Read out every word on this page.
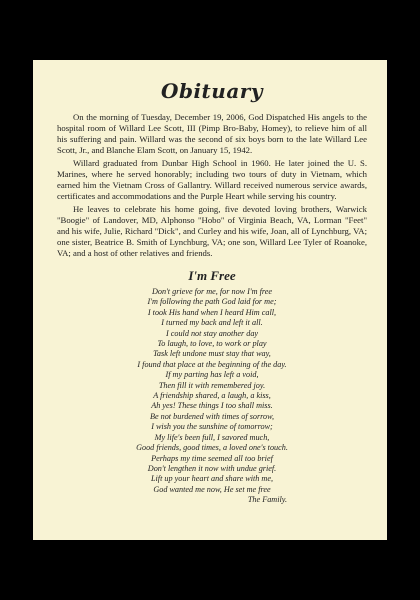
Obituary

On the morning of Tuesday, December 19, 2006, God Dispatched His angels to the hospital room of Willard Lee Scott, III (Pimp Bro-Baby, Homey), to relieve him of all his suffering and pain. Willard was the second of six boys born to the late Willard Lee Scott, Jr., and Blanche Elam Scott, on January 15, 1942.

Willard graduated from Dunbar High School in 1960. He later joined the U. S. Marines, where he served honorably; including two tours of duty in Vietnam, which earned him the Vietnam Cross of Gallantry. Willard received numerous service awards, certificates and accommodations and the Purple Heart while serving his country.

He leaves to celebrate his home going, five devoted loving brothers, Warwick "Boogie" of Landover, MD, Alphonso "Hobo" of Virginia Beach, VA, Lorman "Feet" and his wife, Julie, Richard "Dick", and Curley and his wife, Joan, all of Lynchburg, VA; one sister, Beatrice B. Smith of Lynchburg, VA; one son, Willard Lee Tyler of Roanoke, VA; and a host of other relatives and friends.

I'm Free
Don't grieve for me, for now I'm free
I'm following the path God laid for me;
I took His hand when I heard Him call,
I turned my back and left it all.
I could not stay another day
To laugh, to love, to work or play
Task left undone must stay that way,
I found that place at the beginning of the day.
If my parting has left a void,
Then fill it with remembered joy.
A friendship shared, a laugh, a kiss,
Ah yes! These things I too shall miss.
Be not burdened with times of sorrow,
I wish you the sunshine of tomorrow;
My life's been full, I savored much,
Good friends, good times, a loved one's touch.
Perhaps my time seemed all too brief
Don't lengthen it now with undue grief.
Lift up your heart and share with me,
God wanted me now, He set me free
The Family.
